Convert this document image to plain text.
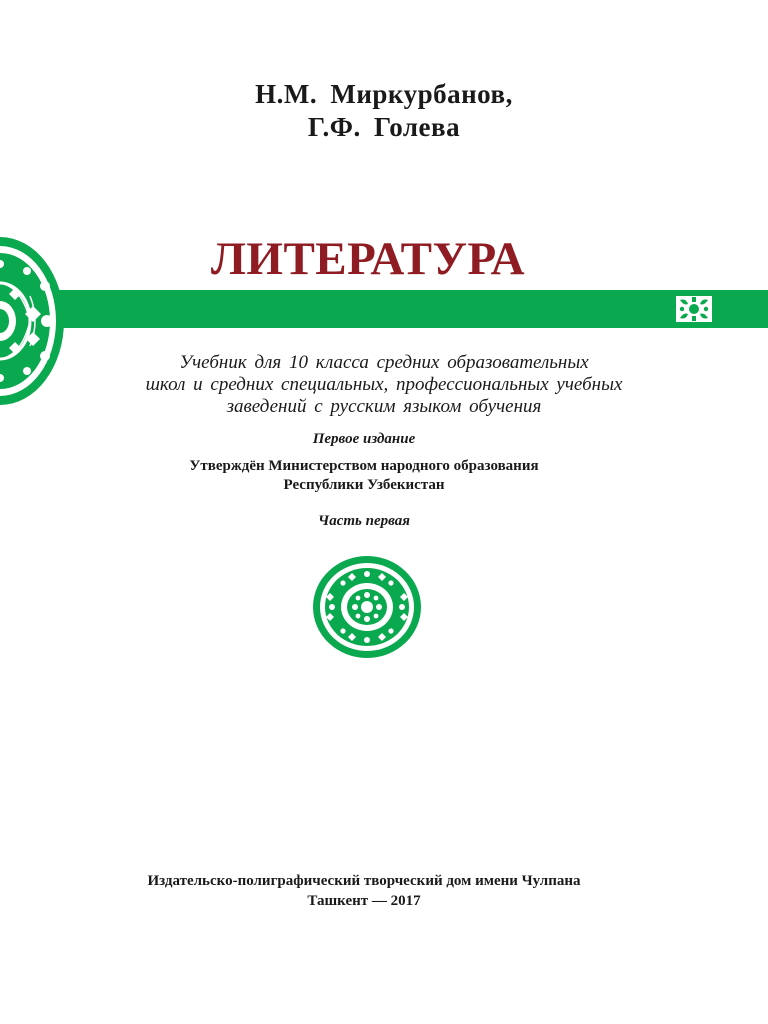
Н.М. Миркурбанов,
Г.Ф. Голева
ЛИТЕРАТУРА
Учебник для 10 класса средних образовательных
школ и средних специальных, профессиональных учебных
заведений с русским языком обучения
Первое издание
Утверждён Министерством народного образования
Республики Узбекистан
Часть первая
Издательско-полиграфический творческий дом имени Чулпана
Ташкент — 2017
